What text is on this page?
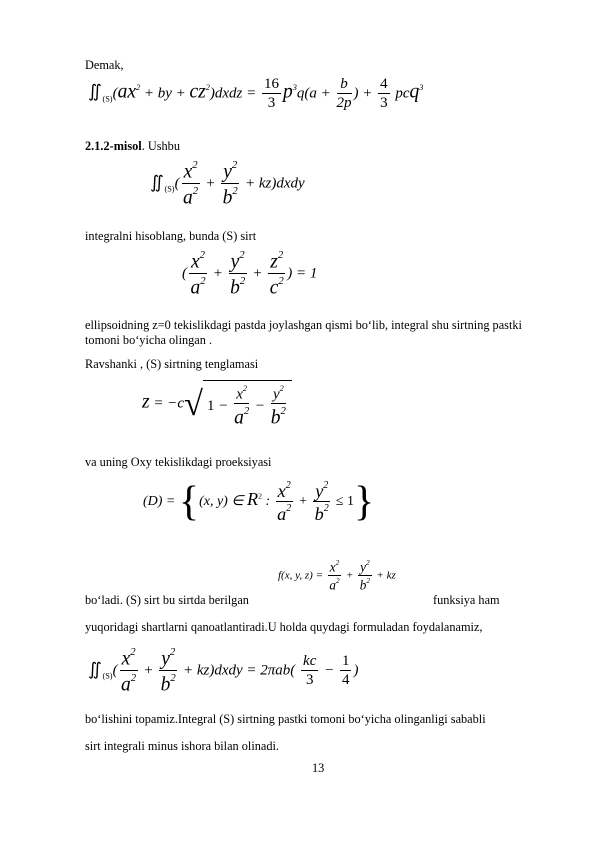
Demak,
∬ $_{(S)}(ax^2$ + by + $cz^2)dxdz = \frac{16}{3} p^3q(a + \frac{b}{2p}$ ) + $\frac{4}{3} pcq^3$
2.1.2-misol. Ushbu
∬ $_{(S)}( \frac{x^2}{a^2} + \frac{y^2}{b^2}$ + kz)dxdy
integralni hisoblang, bunda (S) sirt
( $\frac{x^2}{a^2} + \frac{y^2}{b^2} + \frac{z^2}{c^2}$ ) = 1
ellipsoidning z=0 tekislikdagi pastda joylashgan qismi bo‘lib, integral shu sirtning pastki tomoni bo‘yicha olingan .
Ravshanki , (S) sirtning tenglamasi
z = −c√ $1 - \frac{x^2}{a^2} - \frac{y^2}{b^2}$
va uning Oxy tekislikdagi proeksiyasi
(D) = {(x, y) ∈ $R^2$ : $\frac{x^2}{a^2} + \frac{y^2}{b^2} \le 1$}
bo‘ladi. (S) sirt bu sirtda berilgan
f(x, y, $z) = \frac{x^2}{a^2} + \frac{y^2}{b^2}$ + kz
funksiya ham
yuqoridagi shartlarni qanoatlantiradi.U holda quydagi formuladan foydalanamiz,
∬ $_{(S)}( \frac{x^2}{a^2} + \frac{y^2}{b^2}$ + kz)dxdy = $2\pi ab( \frac{kc}{3} - \frac{1}{4}$ )
bo‘lishini topamiz.Integral (S) sirtning pastki tomoni bo‘yicha olinganligi sababli
sirt integrali minus ishora bilan olinadi.
13
